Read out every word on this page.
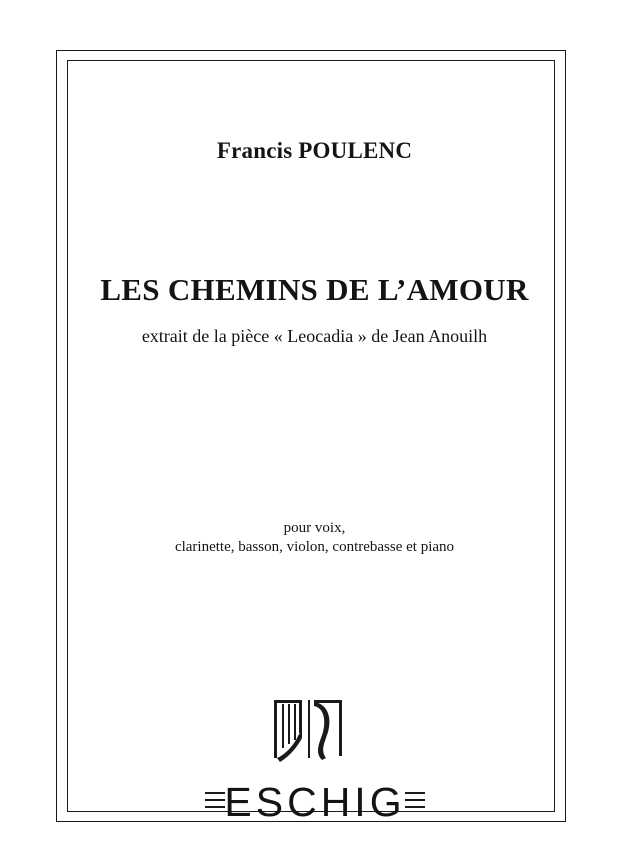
Francis POULENC
LES CHEMINS DE L’AMOUR
extrait de la pièce « Leocadia » de Jean Anouilh
pour voix,
clarinette, basson, violon, contrebasse et piano
ESCHIG
